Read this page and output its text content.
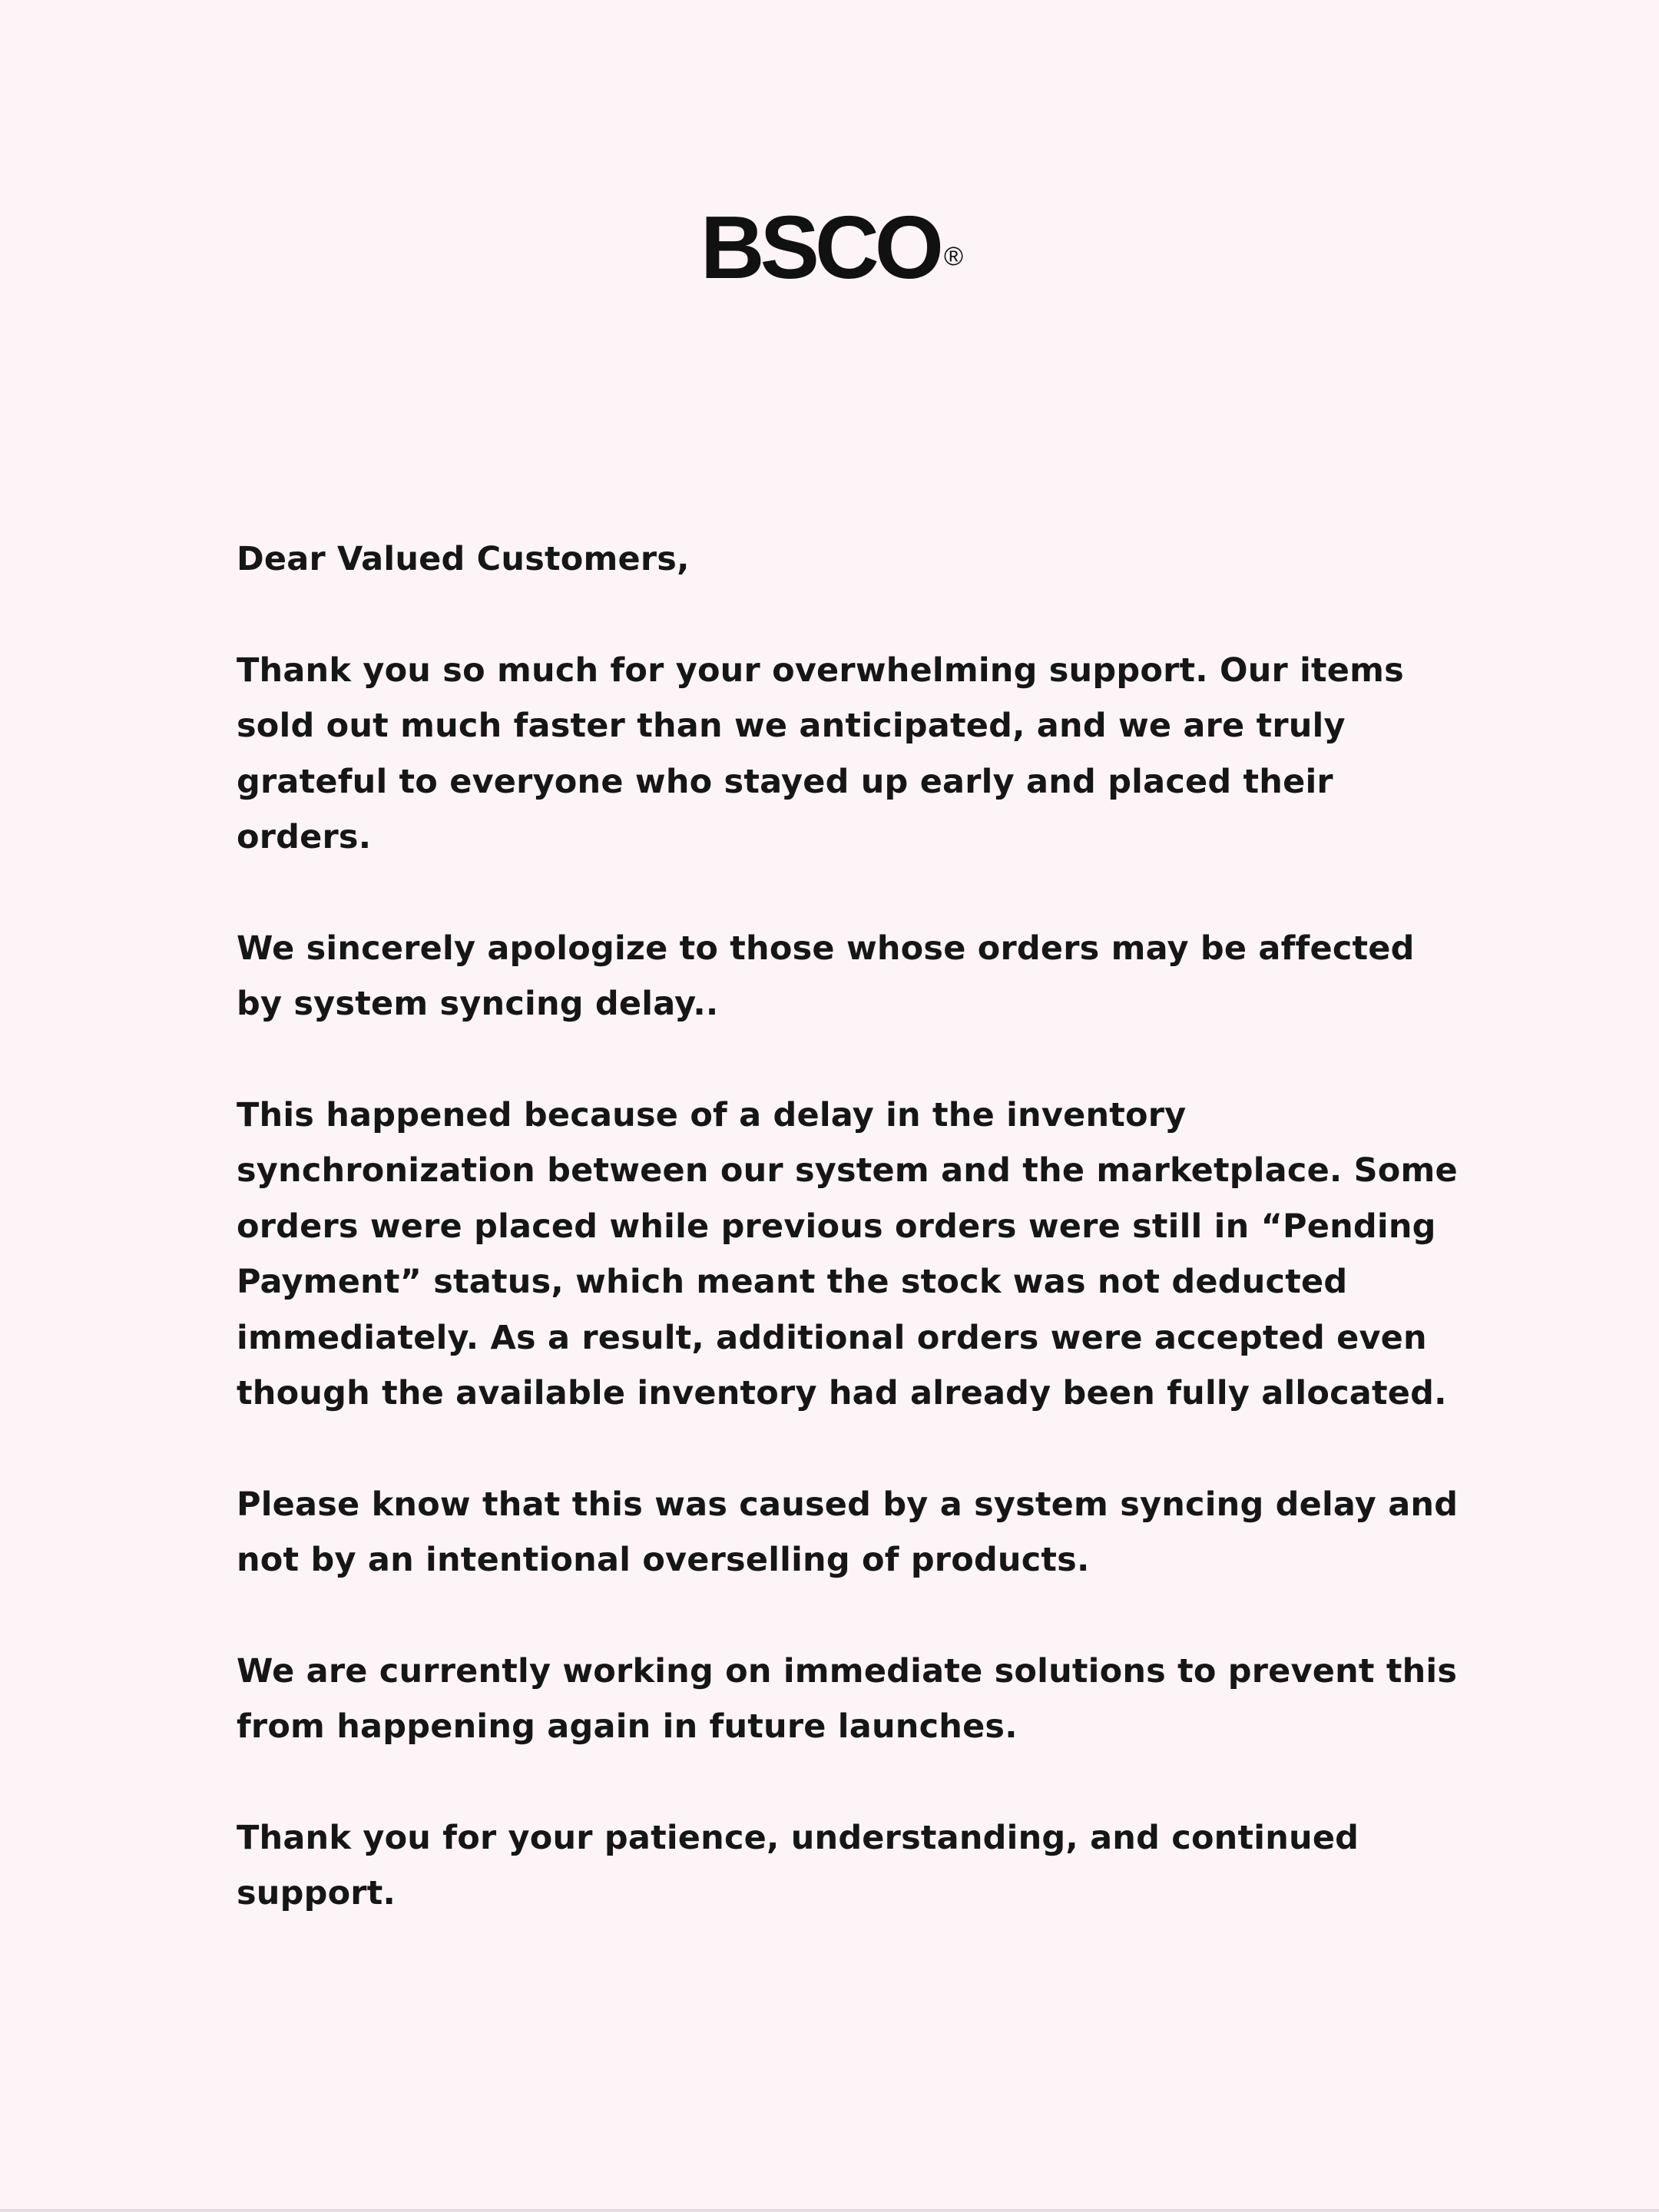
BSCO ®

Dear Valued Customers,

Thank you so much for your overwhelming support. Our items sold out much faster than we anticipated, and we are truly grateful to everyone who stayed up early and placed their orders.

We sincerely apologize to those whose orders may be affected by system syncing delay..

This happened because of a delay in the inventory synchronization between our system and the marketplace. Some orders were placed while previous orders were still in “Pending Payment” status, which meant the stock was not deducted immediately. As a result, additional orders were accepted even though the available inventory had already been fully allocated.

Please know that this was caused by a system syncing delay and not by an intentional overselling of products.

We are currently working on immediate solutions to prevent this from happening again in future launches.

Thank you for your patience, understanding, and continued support.
